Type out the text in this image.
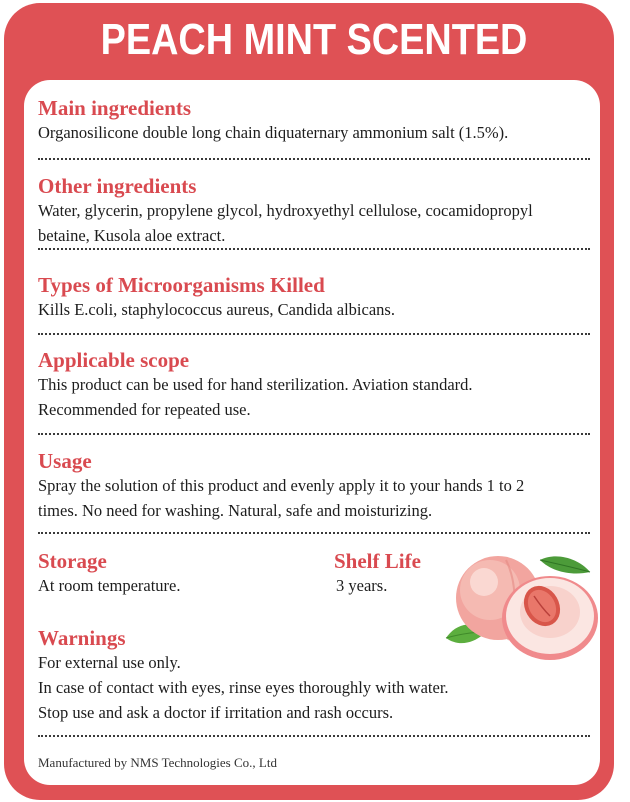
PEACH MINT SCENTED

Main ingredients

Organosilicone double long chain diquaternary ammonium salt (1.5%).

Other ingredients

Water, glycerin, propylene glycol, hydroxyethyl cellulose, cocamidopropyl

betaine, Kusola aloe extract.

Types of Microorganisms Killed

Kills E.coli, staphylococcus aureus, Candida albicans.

Applicable scope

This product can be used for hand sterilization. Aviation standard.

Recommended for repeated use.

Usage

Spray the solution of this product and evenly apply it to your hands 1 to 2

times. No need for washing. Natural, safe and moisturizing.

Storage

At room temperature.

Shelf Life

3 years.

Warnings

For external use only.

In case of contact with eyes, rinse eyes thoroughly with water.

Stop use and ask a doctor if irritation and rash occurs.

Manufactured by NMS Technologies Co., Ltd
